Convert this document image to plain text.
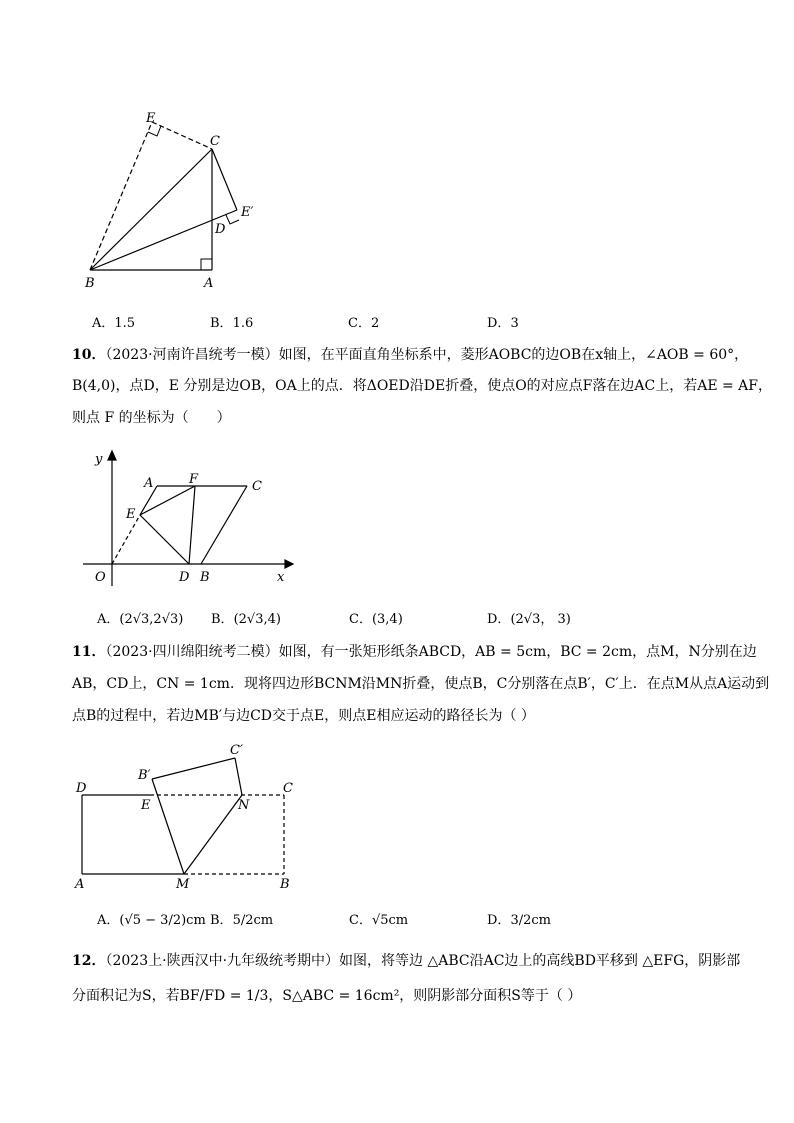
E
C
E′
D
B	A
A．1.5	B．1.6	C．2	D．3
10．（2023·河南许昌统考一模）如图，在平面直角坐标系中，菱形AOBC的边OB在x轴上，∠AOB = 60°，
B(4,0)，点D，E 分别是边OB，OA上的点．将ΔOED沿DE折叠，使点O的对应点F落在边AC上，若AE = AF，
则点 F 的坐标为（　　）
y
x
O
A	F	C
E
D B
A．(2√3,2√3) B．(2√3,4)	C．(3,4)	D．(2√3， 3)
11．（2023·四川绵阳统考二模）如图，有一张矩形纸条ABCD，AB = 5cm，BC = 2cm，点M，N分别在边
AB，CD上，CN = 1cm．现将四边形BCNM沿MN折叠，使点B，C分别落在点B′，C′上．在点M从点A运动到
点B的过程中，若边MB′与边CD交于点E，则点E相应运动的路径长为（ ）
C′
B′
D
E	N
C
A	M	B
A．(√5 − 3/2)cm B．5/2cm	C．√5cm	D．3/2cm
12．（2023上·陕西汉中·九年级统考期中）如图，将等边 △ABC沿AC边上的高线BD平移到 △EFG，阴影部
分面积记为S，若BF/FD = 1/3，S△ABC = 16cm²，则阴影部分面积S等于（ ）
